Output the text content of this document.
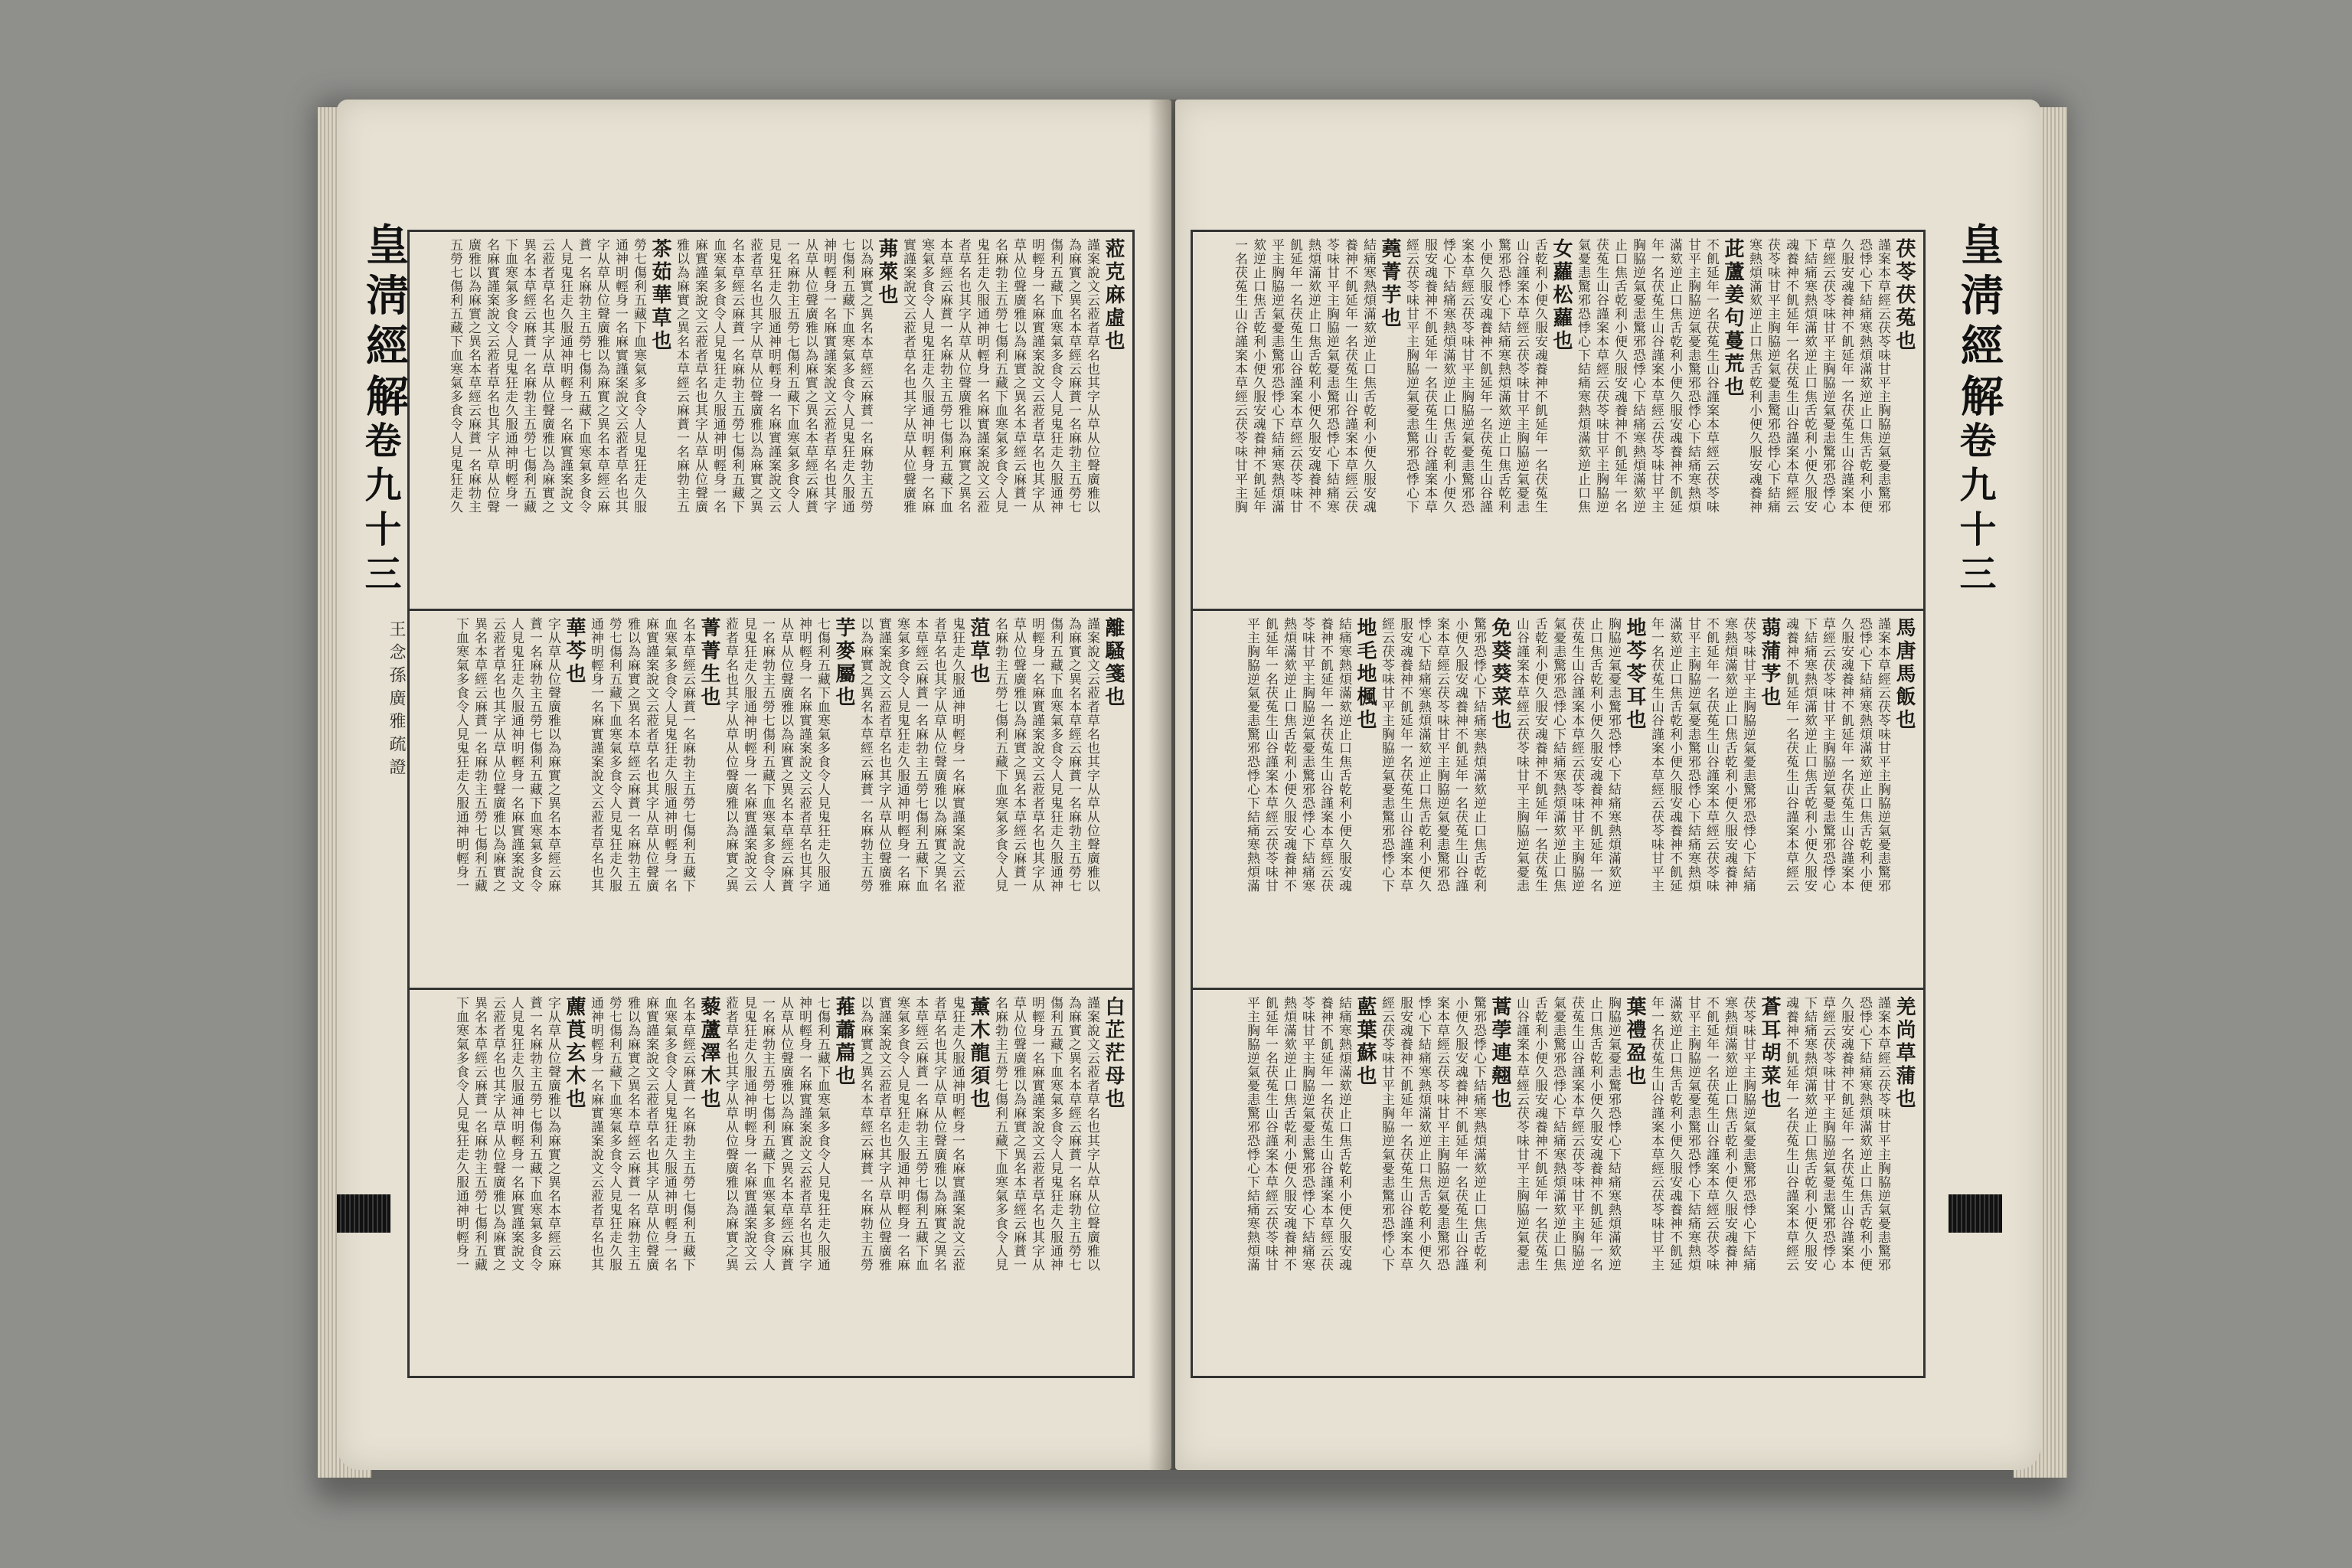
皇淸經解
卷九十三
王念孫廣雅疏證
蒞克麻虛也
謹案說文云蒞者草名也其字从草从位聲廣雅以
為麻實之異名本草經云麻蕡一名麻勃主五勞七
傷利五藏下血寒氣多食令人見鬼狂走久服通神
明輕身一名麻實謹案說文云蒞者草名也其字从
草从位聲廣雅以為麻實之異名本草經云麻蕡一
名麻勃主五勞七傷利五藏下血寒氣多食令人見
鬼狂走久服通神明輕身一名麻實謹案說文云蒞
者草名也其字从草从位聲廣雅以為麻實之異名
本草經云麻蕡一名麻勃主五勞七傷利五藏下血
寒氣多食令人見鬼狂走久服通神明輕身一名麻
實謹案說文云蒞者草名也其字从草从位聲廣雅
茀萊也
以為麻實之異名本草經云麻蕡一名麻勃主五勞
七傷利五藏下血寒氣多食令人見鬼狂走久服通
神明輕身一名麻實謹案說文云蒞者草名也其字
从草从位聲廣雅以為麻實之異名本草經云麻蕡
一名麻勃主五勞七傷利五藏下血寒氣多食令人
見鬼狂走久服通神明輕身一名麻實謹案說文云
蒞者草名也其字从草从位聲廣雅以為麻實之異
名本草經云麻蕡一名麻勃主五勞七傷利五藏下
血寒氣多食令人見鬼狂走久服通神明輕身一名
麻實謹案說文云蒞者草名也其字从草从位聲廣
雅以為麻實之異名本草經云麻蕡一名麻勃主五
茶茹華草也
勞七傷利五藏下血寒氣多食令人見鬼狂走久服
通神明輕身一名麻實謹案說文云蒞者草名也其
字从草从位聲廣雅以為麻實之異名本草經云麻
蕡一名麻勃主五勞七傷利五藏下血寒氣多食令
人見鬼狂走久服通神明輕身一名麻實謹案說文
云蒞者草名也其字从草从位聲廣雅以為麻實之
異名本草經云麻蕡一名麻勃主五勞七傷利五藏
下血寒氣多食令人見鬼狂走久服通神明輕身一
名麻實謹案說文云蒞者草名也其字从草从位聲
廣雅以為麻實之異名本草經云麻蕡一名麻勃主
五勞七傷利五藏下血寒氣多食令人見鬼狂走久
離騷箋也
謹案說文云蒞者草名也其字从草从位聲廣雅以
為麻實之異名本草經云麻蕡一名麻勃主五勞七
傷利五藏下血寒氣多食令人見鬼狂走久服通神
明輕身一名麻實謹案說文云蒞者草名也其字从
草从位聲廣雅以為麻實之異名本草經云麻蕡一
名麻勃主五勞七傷利五藏下血寒氣多食令人見
菹草也
鬼狂走久服通神明輕身一名麻實謹案說文云蒞
者草名也其字从草从位聲廣雅以為麻實之異名
本草經云麻蕡一名麻勃主五勞七傷利五藏下血
寒氣多食令人見鬼狂走久服通神明輕身一名麻
實謹案說文云蒞者草名也其字从草从位聲廣雅
以為麻實之異名本草經云麻蕡一名麻勃主五勞
芋麥屬也
七傷利五藏下血寒氣多食令人見鬼狂走久服通
神明輕身一名麻實謹案說文云蒞者草名也其字
从草从位聲廣雅以為麻實之異名本草經云麻蕡
一名麻勃主五勞七傷利五藏下血寒氣多食令人
見鬼狂走久服通神明輕身一名麻實謹案說文云
蒞者草名也其字从草从位聲廣雅以為麻實之異
菁菁生也
名本草經云麻蕡一名麻勃主五勞七傷利五藏下
血寒氣多食令人見鬼狂走久服通神明輕身一名
麻實謹案說文云蒞者草名也其字从草从位聲廣
雅以為麻實之異名本草經云麻蕡一名麻勃主五
勞七傷利五藏下血寒氣多食令人見鬼狂走久服
通神明輕身一名麻實謹案說文云蒞者草名也其
華芩也
字从草从位聲廣雅以為麻實之異名本草經云麻
蕡一名麻勃主五勞七傷利五藏下血寒氣多食令
人見鬼狂走久服通神明輕身一名麻實謹案說文
云蒞者草名也其字从草从位聲廣雅以為麻實之
異名本草經云麻蕡一名麻勃主五勞七傷利五藏
下血寒氣多食令人見鬼狂走久服通神明輕身一
白芷茫母也
謹案說文云蒞者草名也其字从草从位聲廣雅以
為麻實之異名本草經云麻蕡一名麻勃主五勞七
傷利五藏下血寒氣多食令人見鬼狂走久服通神
明輕身一名麻實謹案說文云蒞者草名也其字从
草从位聲廣雅以為麻實之異名本草經云麻蕡一
名麻勃主五勞七傷利五藏下血寒氣多食令人見
薰木龍須也
鬼狂走久服通神明輕身一名麻實謹案說文云蒞
者草名也其字从草从位聲廣雅以為麻實之異名
本草經云麻蕡一名麻勃主五勞七傷利五藏下血
寒氣多食令人見鬼狂走久服通神明輕身一名麻
實謹案說文云蒞者草名也其字从草从位聲廣雅
以為麻實之異名本草經云麻蕡一名麻勃主五勞
蓷蕭萹也
七傷利五藏下血寒氣多食令人見鬼狂走久服通
神明輕身一名麻實謹案說文云蒞者草名也其字
从草从位聲廣雅以為麻實之異名本草經云麻蕡
一名麻勃主五勞七傷利五藏下血寒氣多食令人
見鬼狂走久服通神明輕身一名麻實謹案說文云
蒞者草名也其字从草从位聲廣雅以為麻實之異
藜蘆澤木也
名本草經云麻蕡一名麻勃主五勞七傷利五藏下
血寒氣多食令人見鬼狂走久服通神明輕身一名
麻實謹案說文云蒞者草名也其字从草从位聲廣
雅以為麻實之異名本草經云麻蕡一名麻勃主五
勞七傷利五藏下血寒氣多食令人見鬼狂走久服
通神明輕身一名麻實謹案說文云蒞者草名也其
藨莨玄木也
字从草从位聲廣雅以為麻實之異名本草經云麻
蕡一名麻勃主五勞七傷利五藏下血寒氣多食令
人見鬼狂走久服通神明輕身一名麻實謹案說文
云蒞者草名也其字从草从位聲廣雅以為麻實之
異名本草經云麻蕡一名麻勃主五勞七傷利五藏
下血寒氣多食令人見鬼狂走久服通神明輕身一
茯苓茯菟也
謹案本草經云茯苓味甘平主胸脇逆氣憂恚驚邪
恐悸心下結痛寒熱煩滿欬逆止口焦舌乾利小便
久服安魂養神不飢延年一名茯菟生山谷謹案本
草經云茯苓味甘平主胸脇逆氣憂恚驚邪恐悸心
下結痛寒熱煩滿欬逆止口焦舌乾利小便久服安
魂養神不飢延年一名茯菟生山谷謹案本草經云
茯苓味甘平主胸脇逆氣憂恚驚邪恐悸心下結痛
寒熱煩滿欬逆止口焦舌乾利小便久服安魂養神
茈蘆姜句蔓荒也
不飢延年一名茯菟生山谷謹案本草經云茯苓味
甘平主胸脇逆氣憂恚驚邪恐悸心下結痛寒熱煩
滿欬逆止口焦舌乾利小便久服安魂養神不飢延
年一名茯菟生山谷謹案本草經云茯苓味甘平主
胸脇逆氣憂恚驚邪恐悸心下結痛寒熱煩滿欬逆
止口焦舌乾利小便久服安魂養神不飢延年一名
茯菟生山谷謹案本草經云茯苓味甘平主胸脇逆
氣憂恚驚邪恐悸心下結痛寒熱煩滿欬逆止口焦
女蘿松蘿也
舌乾利小便久服安魂養神不飢延年一名茯菟生
山谷謹案本草經云茯苓味甘平主胸脇逆氣憂恚
驚邪恐悸心下結痛寒熱煩滿欬逆止口焦舌乾利
小便久服安魂養神不飢延年一名茯菟生山谷謹
案本草經云茯苓味甘平主胸脇逆氣憂恚驚邪恐
悸心下結痛寒熱煩滿欬逆止口焦舌乾利小便久
服安魂養神不飢延年一名茯菟生山谷謹案本草
經云茯苓味甘平主胸脇逆氣憂恚驚邪恐悸心下
蕘菁芋也
結痛寒熱煩滿欬逆止口焦舌乾利小便久服安魂
養神不飢延年一名茯菟生山谷謹案本草經云茯
苓味甘平主胸脇逆氣憂恚驚邪恐悸心下結痛寒
熱煩滿欬逆止口焦舌乾利小便久服安魂養神不
飢延年一名茯菟生山谷謹案本草經云茯苓味甘
平主胸脇逆氣憂恚驚邪恐悸心下結痛寒熱煩滿
欬逆止口焦舌乾利小便久服安魂養神不飢延年
一名茯菟生山谷謹案本草經云茯苓味甘平主胸
馬唐馬飯也
謹案本草經云茯苓味甘平主胸脇逆氣憂恚驚邪
恐悸心下結痛寒熱煩滿欬逆止口焦舌乾利小便
久服安魂養神不飢延年一名茯菟生山谷謹案本
草經云茯苓味甘平主胸脇逆氣憂恚驚邪恐悸心
下結痛寒熱煩滿欬逆止口焦舌乾利小便久服安
魂養神不飢延年一名茯菟生山谷謹案本草經云
蒻蒲芧也
茯苓味甘平主胸脇逆氣憂恚驚邪恐悸心下結痛
寒熱煩滿欬逆止口焦舌乾利小便久服安魂養神
不飢延年一名茯菟生山谷謹案本草經云茯苓味
甘平主胸脇逆氣憂恚驚邪恐悸心下結痛寒熱煩
滿欬逆止口焦舌乾利小便久服安魂養神不飢延
年一名茯菟生山谷謹案本草經云茯苓味甘平主
地芩苓耳也
胸脇逆氣憂恚驚邪恐悸心下結痛寒熱煩滿欬逆
止口焦舌乾利小便久服安魂養神不飢延年一名
茯菟生山谷謹案本草經云茯苓味甘平主胸脇逆
氣憂恚驚邪恐悸心下結痛寒熱煩滿欬逆止口焦
舌乾利小便久服安魂養神不飢延年一名茯菟生
山谷謹案本草經云茯苓味甘平主胸脇逆氣憂恚
免葵葵菜也
驚邪恐悸心下結痛寒熱煩滿欬逆止口焦舌乾利
小便久服安魂養神不飢延年一名茯菟生山谷謹
案本草經云茯苓味甘平主胸脇逆氣憂恚驚邪恐
悸心下結痛寒熱煩滿欬逆止口焦舌乾利小便久
服安魂養神不飢延年一名茯菟生山谷謹案本草
經云茯苓味甘平主胸脇逆氣憂恚驚邪恐悸心下
地毛地楓也
結痛寒熱煩滿欬逆止口焦舌乾利小便久服安魂
養神不飢延年一名茯菟生山谷謹案本草經云茯
苓味甘平主胸脇逆氣憂恚驚邪恐悸心下結痛寒
熱煩滿欬逆止口焦舌乾利小便久服安魂養神不
飢延年一名茯菟生山谷謹案本草經云茯苓味甘
平主胸脇逆氣憂恚驚邪恐悸心下結痛寒熱煩滿
羌尚草蒲也
謹案本草經云茯苓味甘平主胸脇逆氣憂恚驚邪
恐悸心下結痛寒熱煩滿欬逆止口焦舌乾利小便
久服安魂養神不飢延年一名茯菟生山谷謹案本
草經云茯苓味甘平主胸脇逆氣憂恚驚邪恐悸心
下結痛寒熱煩滿欬逆止口焦舌乾利小便久服安
魂養神不飢延年一名茯菟生山谷謹案本草經云
蒼耳胡菜也
茯苓味甘平主胸脇逆氣憂恚驚邪恐悸心下結痛
寒熱煩滿欬逆止口焦舌乾利小便久服安魂養神
不飢延年一名茯菟生山谷謹案本草經云茯苓味
甘平主胸脇逆氣憂恚驚邪恐悸心下結痛寒熱煩
滿欬逆止口焦舌乾利小便久服安魂養神不飢延
年一名茯菟生山谷謹案本草經云茯苓味甘平主
葉禮盈也
胸脇逆氣憂恚驚邪恐悸心下結痛寒熱煩滿欬逆
止口焦舌乾利小便久服安魂養神不飢延年一名
茯菟生山谷謹案本草經云茯苓味甘平主胸脇逆
氣憂恚驚邪恐悸心下結痛寒熱煩滿欬逆止口焦
舌乾利小便久服安魂養神不飢延年一名茯菟生
山谷謹案本草經云茯苓味甘平主胸脇逆氣憂恚
蒿荸連翹也
驚邪恐悸心下結痛寒熱煩滿欬逆止口焦舌乾利
小便久服安魂養神不飢延年一名茯菟生山谷謹
案本草經云茯苓味甘平主胸脇逆氣憂恚驚邪恐
悸心下結痛寒熱煩滿欬逆止口焦舌乾利小便久
服安魂養神不飢延年一名茯菟生山谷謹案本草
經云茯苓味甘平主胸脇逆氣憂恚驚邪恐悸心下
藍葉蘇也
結痛寒熱煩滿欬逆止口焦舌乾利小便久服安魂
養神不飢延年一名茯菟生山谷謹案本草經云茯
苓味甘平主胸脇逆氣憂恚驚邪恐悸心下結痛寒
熱煩滿欬逆止口焦舌乾利小便久服安魂養神不
飢延年一名茯菟生山谷謹案本草經云茯苓味甘
平主胸脇逆氣憂恚驚邪恐悸心下結痛寒熱煩滿
皇淸經解
卷九十三
